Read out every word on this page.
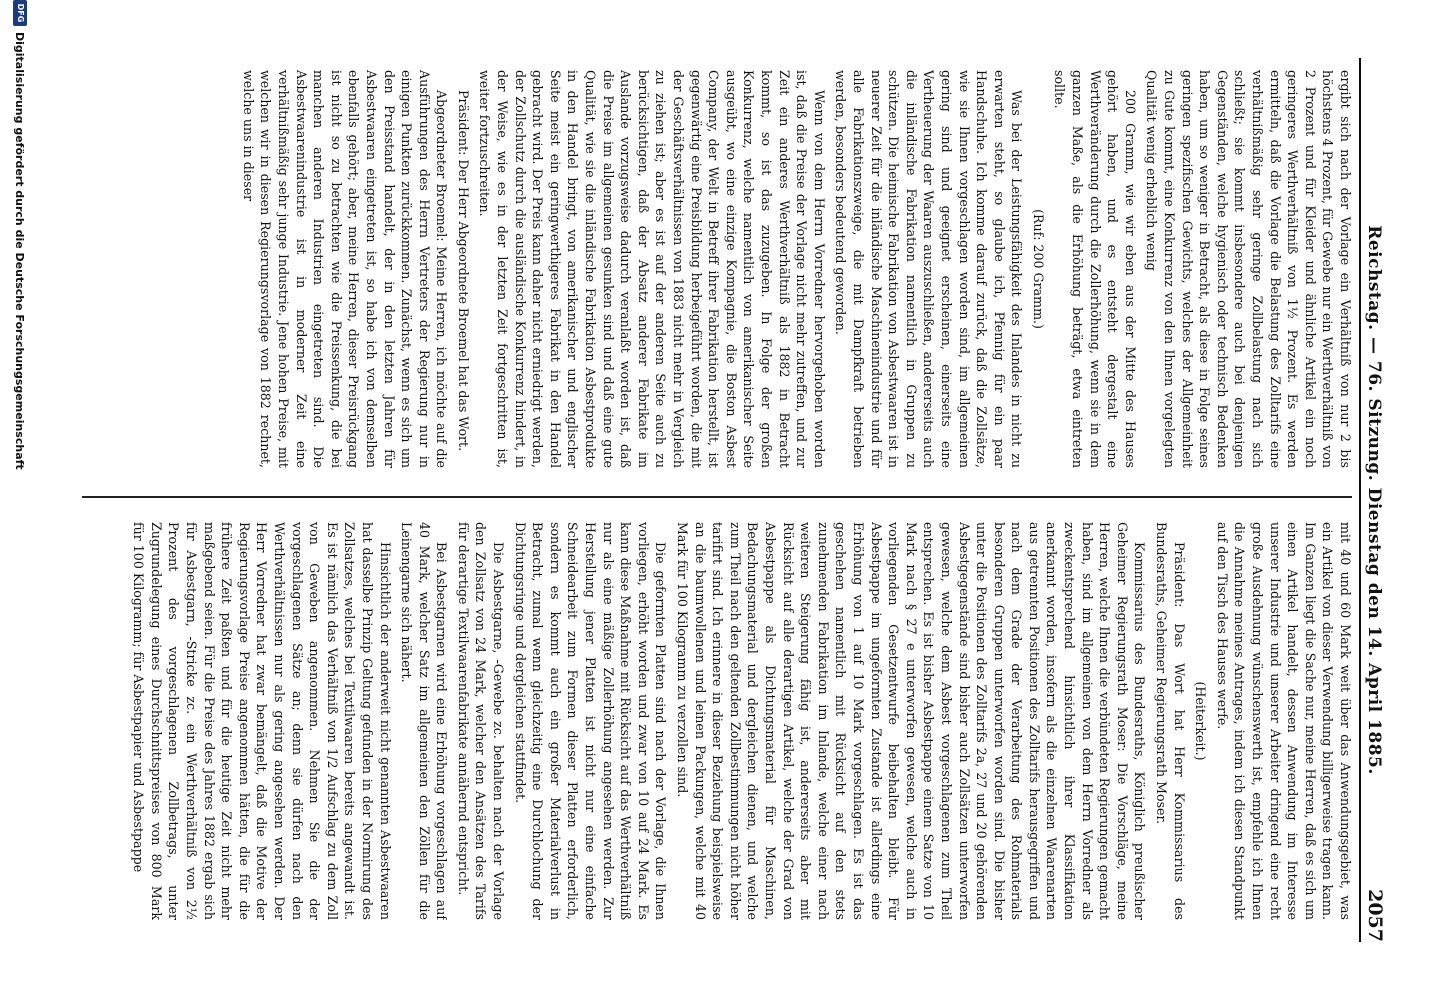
Reichstag. — 76. Sitzung. Dienstag den 14. April 1885.
2057

ergibt sich nach der Vorlage ein Verhältniß von nur 2 bis höchstens 4 Prozent, für Gewebe nur ein Werthverhältniß von 2 Prozent und für Kleider und ähnliche Artikel ein noch geringeres Werthverhältniß von 1½ Prozent. Es werden ermitteln, daß die Vorlage die Belastung des Zolltarifs eine verhältnißmäßig sehr geringe Zollbelastung nach sich schließt; sie kommt insbesondere auch bei denjenigen Gegenständen, welche hygienisch oder technisch Bedenken haben, um so weniger in Betracht, als diese in Folge seines geringen spezifischen Gewichts, welches der Allgemeinheit zu Gute kommt, eine Konkurrenz von den Ihnen vorgelegten Qualität wenig erheblich wenig

200 Gramm, wie wir eben aus der Mitte des Hauses gehört haben, und es entsteht dergestalt eine Werthveränderung durch die Zollerhöhung, wenn sie in dem ganzen Maße, als die Erhöhung beträgt, etwa eintreten sollte.

(Ruf: 200 Gramm.)

Was bei der Leistungsfähigkeit des Inlandes in nicht zu erwarten steht, so glaube ich, Pfennig für ein paar Handschuhe. Ich komme darauf zurück, daß die Zollsätze, wie sie Ihnen vorgeschlagen worden sind, im allgemeinen gering sind und geeignet erscheinen, einerseits eine Vertheuerung der Waaren auszuschließen, andererseits auch die inländische Fabrikation namentlich in Gruppen zu schützen. Die heimische Fabrikation von Asbestwaaren ist in neuerer Zeit für die inländische Maschinenindustrie und für alle Fabrikationszweige, die mit Dampfkraft betrieben werden, besonders bedeutend geworden.

Wenn von dem Herrn Vorredner hervorgehoben worden ist, daß die Preise der Vorlage nicht mehr zutreffen, und zur Zeit ein anderes Werthverhältniß als 1882 in Betracht kommt, so ist das zuzugeben. In Folge der großen Konkurrenz, welche namentlich von amerikanischer Seite ausgeübt, wo eine einzige Kompagnie, die Boston Asbest Company, der Welt in Betreff ihrer Fabrikation herstellt, ist gegenwärtig eine Preisbildung herbeigeführt worden, die mit der Geschäftsverhältnissen von 1883 nicht mehr in Vergleich zu ziehen ist; aber es ist auf der anderen Seite auch zu berücksichtigen, daß der Absatz anderer Fabrikate im Auslande vorzugsweise dadurch veranlaßt worden ist, daß die Preise im allgemeinen gesunken sind und daß eine gute Qualität, wie sie die inländische Fabrikation Asbestprodukte in den Handel bringt, von amerikanischer und englischer Seite meist ein geringwerthigeres Fabrikat in den Handel gebracht wird. Der Preis kann daher nicht erniedrigt werden, der Zollschutz durch die ausländische Konkurrenz hindert, in der Weise, wie es in der letzten Zeit fortgeschritten ist, weiter fortzuschreiten.

Präsident: Der Herr Abgeordnete Broemel hat das Wort.

Abgeordneter Broemel: Meine Herren, ich möchte auf die Ausführungen des Herrn Vertreters der Regierung nur in einigen Punkten zurückkommen. Zunächst, wenn es sich um den Preisstand handelt, der in den letzten Jahren für Asbestwaaren eingetreten ist, so habe ich von demselben ebenfalls gehört; aber, meine Herren, dieser Preisrückgang ist nicht so zu betrachten wie die Preissenkung, die bei manchen anderen Industrien eingetreten sind. Die Asbestwaarenindustrie ist in moderner Zeit eine verhältnißmäßig sehr junge Industrie. Jene hohen Preise, mit welchen wir in diesen Regierungsvorlage von 1882 rechnet, welche uns in dieser

mit 40 und 60 Mark weit über das Anwendungsgebiet, was ein Artikel von dieser Verwendung billigerweise tragen kann. Im Ganzen liegt die Sache nur, meine Herren, daß es sich um einen Artikel handelt, dessen Anwendung im Interesse unserer Industrie und unserer Arbeiter dringend eine recht große Ausdehnung wünschenswerth ist, empfehle ich Ihnen die Annahme meines Antrages, indem ich diesen Standpunkt auf den Tisch des Hauses werfe.

(Heiterkeit.)

Präsident: Das Wort hat Herr Kommissarius des Bundesraths, Geheimer Regierungsrath Moser.

Kommissarius des Bundesraths, Königlich preußischer Geheimer Regierungsrath Moser: Die Vorschläge, meine Herren, welche Ihnen die verbündeten Regierungen gemacht haben, sind im allgemeinen von dem Herrn Vorredner als zweckentsprechend hinsichtlich ihrer Klassifikation anerkannt worden, insofern als die einzelnen Waarenarten aus getrennten Positionen des Zolltarifs herausgegriffen und nach dem Grade der Verarbeitung des Rohmaterials besonderen Gruppen unterworfen worden sind. Die bisher unter die Positionen des Zolltarifs 2a, 27 und 20 gehörenden Asbestgegenstände sind bisher auch Zollsätzen unterworfen gewesen, welche dem Asbest vorgeschlagenen zum Theil entsprechen. Es ist bisher Asbestpappe einem Satze von 10 Mark nach § 27 e unterworfen gewesen, welche auch in vorliegenden Gesetzentwurfe beibehalten bleibt. Für Asbestpappe im ungeformten Zustande ist allerdings eine Erhöhung von 1 auf 10 Mark vorgeschlagen. Es ist das geschehen namentlich mit Rücksicht auf den stets zunehmenden Fabrikation im Inlande, welche einer nach weiteren Steigerung fähig ist, andererseits aber mit Rücksicht auf alle derartigen Artikel, welche der Grad von Asbestpappe als Dichtungsmaterial für Maschinen, Bedachungsmaterial und dergleichen dienen, und welche zum Theil nach den geltenden Zollbestimmungen nicht höher tarifirt sind. Ich erinnere in dieser Beziehung beispielsweise an die baumwollenen und leinen Packungen, welche mit 40 Mark für 100 Kilogramm zu verzollen sind.

Die geformten Platten sind nach der Vorlage, die Ihnen vorliegen, erhöht worden und zwar von 10 auf 24 Mark. Es kann diese Maßnahme mit Rücksicht auf das Werthverhältniß nur als eine mäßige Zollerhöhung angesehen werden. Zur Herstellung jener Platten ist nicht nur eine einfache Schneidearbeit zum Formen dieser Platten erforderlich, sondern es kommt auch ein großer Materialverlust in Betracht, zumal wenn gleichzeitig eine Durchlochung der Dichtungsringe und dergleichen stattfindet.

Die Asbestgarne, -Gewebe zc. behalten nach der Vorlage den Zollsatz von 24 Mark, welcher den Ansätzen des Tarifs für derartige Textilwaarenfabrikate annähernd entspricht.

Bei Asbestgarnen wird eine Erhöhung vorgeschlagen auf 40 Mark, welcher Satz im allgemeinen den Zöllen für die Leinengarne sich nähert.

Hinsichtlich der anderweit nicht genannten Asbestwaaren hat dasselbe Prinzip Geltung gefunden in der Normirung des Zollsatzes, welches bei Textilwaaren bereits angewandt ist. Es ist nämlich das Verhältniß von 1/2 Aufschlag zu dem Zoll von Geweben angenommen. Nehmen Sie die der vorgeschlagenen Sätze an; denn sie dürfen nach den Werthverhältnissen nur als gering angesehen werden. Der Herr Vorredner hat zwar bemängelt, daß die Motive der Regierungsvorlage Preise angenommen hätten, die für die frühere Zeit paßten und für die heutige Zeit nicht mehr maßgebend seien. Für die Preise des Jahres 1882 ergab sich für Asbestgarn, -Stricke zc. ein Werthverhältniß von 2½ Prozent des vorgeschlagenen Zollbetrags, unter Zugrundelegung eines Durchschnittspreises von 800 Mark für 100 Kilogramm; für Asbestpapier und Asbestpappe

DFG
Digitalisierung gefördert durch die Deutsche Forschungsgemeinschaft
